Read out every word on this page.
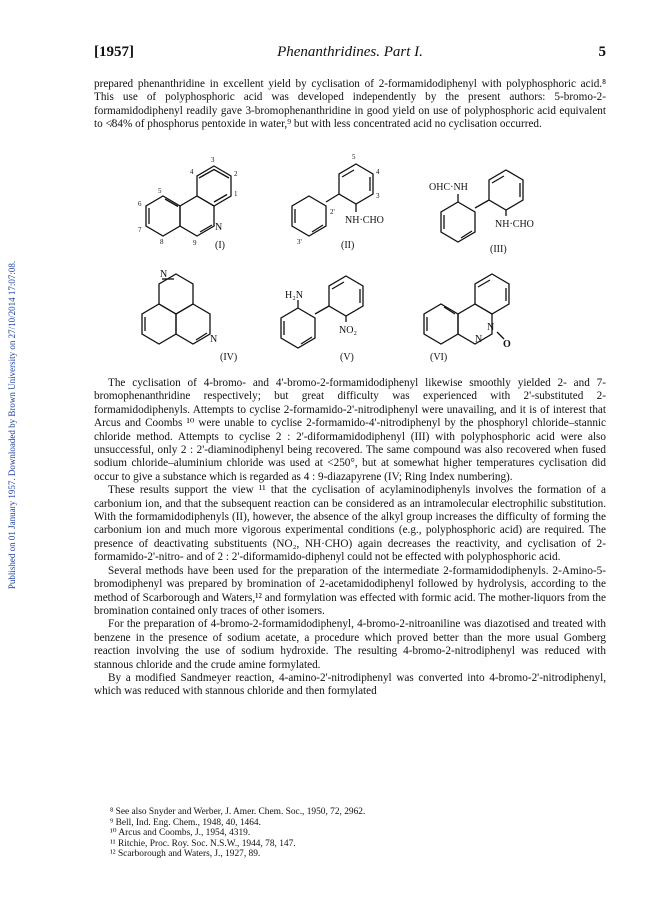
Published on 01 January 1957. Downloaded by Brown University on 27/10/2014 17:07:08.
[1957]	Phenanthridines. Part I.	5

prepared phenanthridine in excellent yield by cyclisation of 2-formamidodiphenyl with polyphosphoric acid.⁸ This use of polyphosphoric acid was developed independently by the present authors: 5-bromo-2-formamidodiphenyl readily gave 3-bromophenanthridine in good yield on use of polyphosphoric acid equivalent to ≮84% of phosphorus pentoxide in water,⁹ but with less concentrated acid no cyclisation occurred.

N
1
2
3
4
5
6
7
8	9 (I)
NH·CHO
5
4
3
2'
3'	(II)
OHC·NH
NH·CHO
(III)
N
N
(IV)
H₂N
NO₂
(V)
N
N
O
(VI)

The cyclisation of 4-bromo- and 4'-bromo-2-formamidodiphenyl likewise smoothly yielded 2- and 7-bromophenanthridine respectively; but great difficulty was experienced with 2'-substituted 2-formamidodiphenyls. Attempts to cyclise 2-formamido-2'-nitrodiphenyl were unavailing, and it is of interest that Arcus and Coombs ¹⁰ were unable to cyclise 2-formamido-4'-nitrodiphenyl by the phosphoryl chloride–stannic chloride method. Attempts to cyclise 2 : 2'-diformamidodiphenyl (III) with polyphosphoric acid were also unsuccessful, only 2 : 2'-diaminodiphenyl being recovered. The same compound was also recovered when fused sodium chloride–aluminium chloride was used at <250°, but at somewhat higher temperatures cyclisation did occur to give a substance which is regarded as 4 : 9-diazapyrene (IV; Ring Index numbering).

These results support the view ¹¹ that the cyclisation of acylaminodiphenyls involves the formation of a carbonium ion, and that the subsequent reaction can be considered as an intramolecular electrophilic substitution. With the formamidodiphenyls (II), however, the absence of the alkyl group increases the difficulty of forming the carbonium ion and much more vigorous experimental conditions (e.g., polyphosphoric acid) are required. The presence of deactivating substituents (NO₂, NH·CHO) again decreases the reactivity, and cyclisation of 2-formamido-2'-nitro- and of 2 : 2'-diformamido-diphenyl could not be effected with polyphosphoric acid.

Several methods have been used for the preparation of the intermediate 2-formamidodiphenyls. 2-Amino-5-bromodiphenyl was prepared by bromination of 2-acetamidodiphenyl followed by hydrolysis, according to the method of Scarborough and Waters,¹² and formylation was effected with formic acid. The mother-liquors from the bromination contained only traces of other isomers.

For the preparation of 4-bromo-2-formamidodiphenyl, 4-bromo-2-nitroaniline was diazotised and treated with benzene in the presence of sodium acetate, a procedure which proved better than the more usual Gomberg reaction involving the use of sodium hydroxide. The resulting 4-bromo-2-nitrodiphenyl was reduced with stannous chloride and the crude amine formylated.

By a modified Sandmeyer reaction, 4-amino-2'-nitrodiphenyl was converted into 4-bromo-2'-nitrodiphenyl, which was reduced with stannous chloride and then formylated

⁸ See also Snyder and Werber, J. Amer. Chem. Soc., 1950, 72, 2962.
⁹ Bell, Ind. Eng. Chem., 1948, 40, 1464.
¹⁰ Arcus and Coombs, J., 1954, 4319.
¹¹ Ritchie, Proc. Roy. Soc. N.S.W., 1944, 78, 147.
¹² Scarborough and Waters, J., 1927, 89.
